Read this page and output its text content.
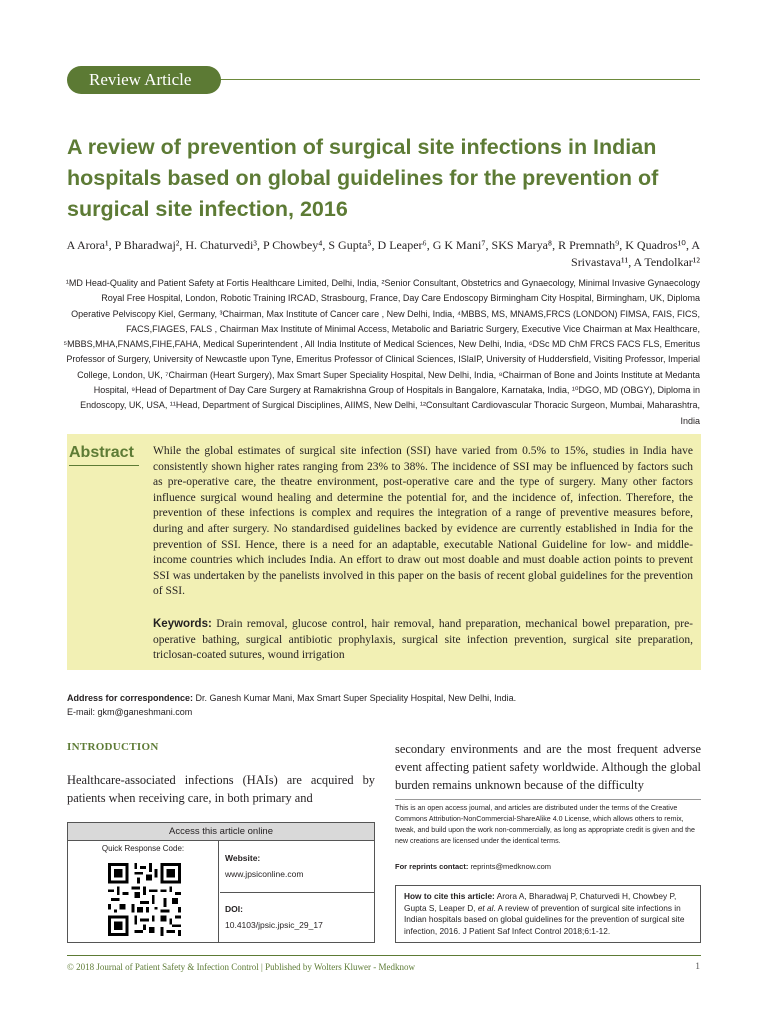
Review Article
A review of prevention of surgical site infections in Indian hospitals based on global guidelines for the prevention of surgical site infection, 2016
A Arora¹, P Bharadwaj², H. Chaturvedi³, P Chowbey⁴, S Gupta⁵, D Leaper⁶, G K Mani⁷, SKS Marya⁸, R Premnath⁹, K Quadros¹⁰, A Srivastava¹¹, A Tendolkar¹²
¹MD Head-Quality and Patient Safety at Fortis Healthcare Limited, Delhi, India, ²Senior Consultant, Obstetrics and Gynaecology, Minimal Invasive Gynaecology Royal Free Hospital, London, Robotic Training IRCAD, Strasbourg, France, Day Care Endoscopy Birmingham City Hospital, Birmingham, UK, Diploma Operative Pelviscopy Kiel, Germany, ³Chairman, Max Institute of Cancer care , New Delhi, India, ⁴MBBS, MS, MNAMS,FRCS (LONDON) FIMSA, FAIS, FICS, FACS,FIAGES, FALS , Chairman Max Institute of Minimal Access, Metabolic and Bariatric Surgery, Executive Vice Chairman at Max Healthcare, ⁵MBBS,MHA,FNAMS,FIHE,FAHA, Medical Superintendent , All India Institute of Medical Sciences, New Delhi, India, ⁶DSc MD ChM FRCS FACS FLS, Emeritus Professor of Surgery, University of Newcastle upon Tyne, Emeritus Professor of Clinical Sciences, ISlaIP, University of Huddersfield, Visiting Professor, Imperial College, London, UK, ⁷Chairman (Heart Surgery), Max Smart Super Speciality Hospital, New Delhi, India, ⁸Chairman of Bone and Joints Institute at Medanta Hospital, ⁹Head of Department of Day Care Surgery at Ramakrishna Group of Hospitals in Bangalore, Karnataka, India, ¹⁰DGO, MD (OBGY), Diploma in Endoscopy, UK, USA, ¹¹Head, Department of Surgical Disciplines, AIIMS, New Delhi, ¹²Consultant Cardiovascular Thoracic Surgeon, Mumbai, Maharashtra, India
Abstract While the global estimates of surgical site infection (SSI) have varied from 0.5% to 15%, studies in India have consistently shown higher rates ranging from 23% to 38%. The incidence of SSI may be influenced by factors such as pre-operative care, the theatre environment, post-operative care and the type of surgery. Many other factors influence surgical wound healing and determine the potential for, and the incidence of, infection. Therefore, the prevention of these infections is complex and requires the integration of a range of preventive measures before, during and after surgery. No standardised guidelines backed by evidence are currently established in India for the prevention of SSI. Hence, there is a need for an adaptable, executable National Guideline for low- and middle-income countries which includes India. An effort to draw out most doable and must doable action points to prevent SSI was undertaken by the panelists involved in this paper on the basis of recent global guidelines for the prevention of SSI.

Keywords: Drain removal, glucose control, hair removal, hand preparation, mechanical bowel preparation, pre-operative bathing, surgical antibiotic prophylaxis, surgical site infection prevention, surgical site preparation, triclosan-coated sutures, wound irrigation

Address for correspondence: Dr. Ganesh Kumar Mani, Max Smart Super Speciality Hospital, New Delhi, India.
E-mail: gkm@ganeshmani.com
INTRODUCTION

Healthcare-associated infections (HAIs) are acquired by patients when receiving care, in both primary and

secondary environments and are the most frequent adverse event affecting patient safety worldwide. Although the global burden remains unknown because of the difficulty

This is an open access journal, and articles are distributed under the terms of the Creative Commons Attribution-NonCommercial-ShareAlike 4.0 License, which allows others to remix, tweak, and build upon the work non-commercially, as long as appropriate credit is given and the new creations are licensed under the identical terms.

For reprints contact: reprints@medknow.com
Access this article online
Quick Response Code:
Website:
www.jpsiconline.com
DOI:
10.4103/jpsic.jpsic_29_17
How to cite this article: Arora A, Bharadwaj P, Chaturvedi H, Chowbey P, Gupta S, Leaper D, et al. A review of prevention of surgical site infections in Indian hospitals based on global guidelines for the prevention of surgical site infection, 2016. J Patient Saf Infect Control 2018;6:1-12.
© 2018 Journal of Patient Safety & Infection Control | Published by Wolters Kluwer - Medknow	1
